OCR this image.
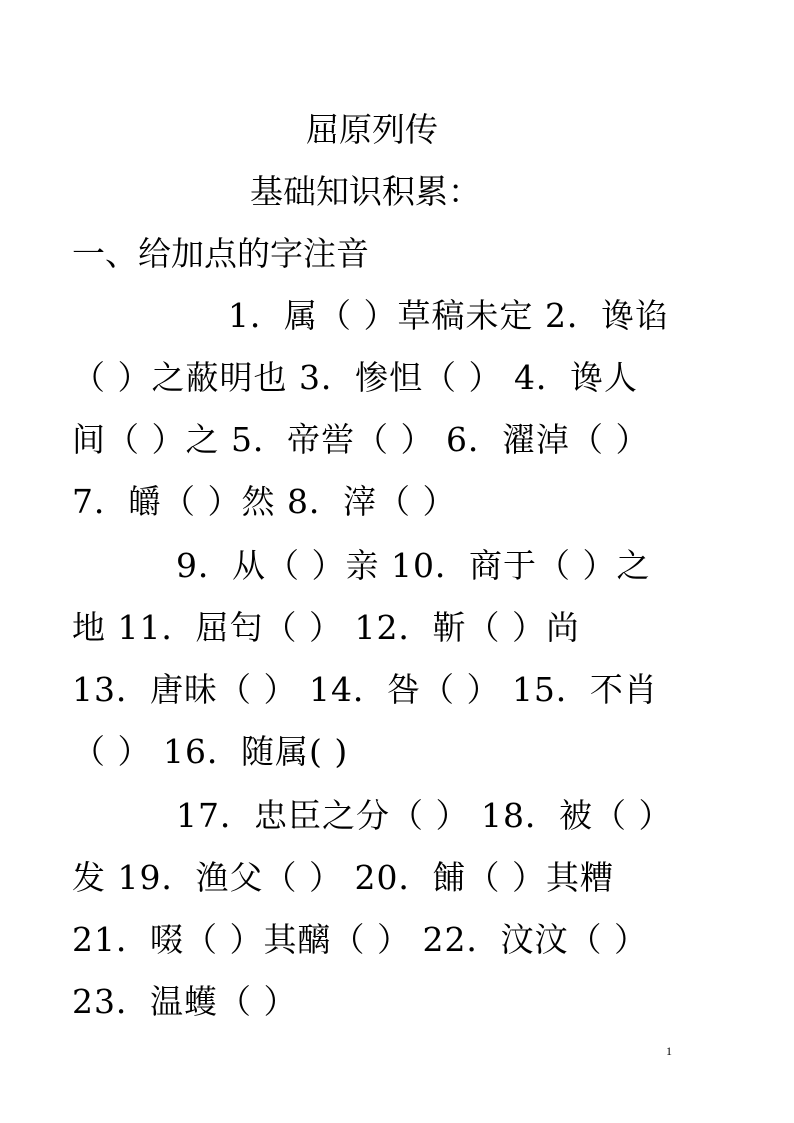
屈原列传
基础知识积累：
一、给加点的字注音
1．属（ ）草稿未定 2．谗谄
（ ）之蔽明也 3．惨怛（ ） 4．谗人
间（ ）之 5．帝喾（ ） 6．濯淖（ ）
7．皭（ ）然 8．滓（ ）
9．从（ ）亲 10．商于（ ）之
地 11．屈匄（ ） 12．靳（ ）尚
13．唐昧（ ） 14．咎（ ） 15．不肖
（ ） 16．随属( )
17．忠臣之分（ ） 18．被（ ）
发 19．渔父（ ） 20．餔（ ）其糟
21．啜（ ）其醨（ ） 22．汶汶（ ）
23．温蠖（ ）
1
